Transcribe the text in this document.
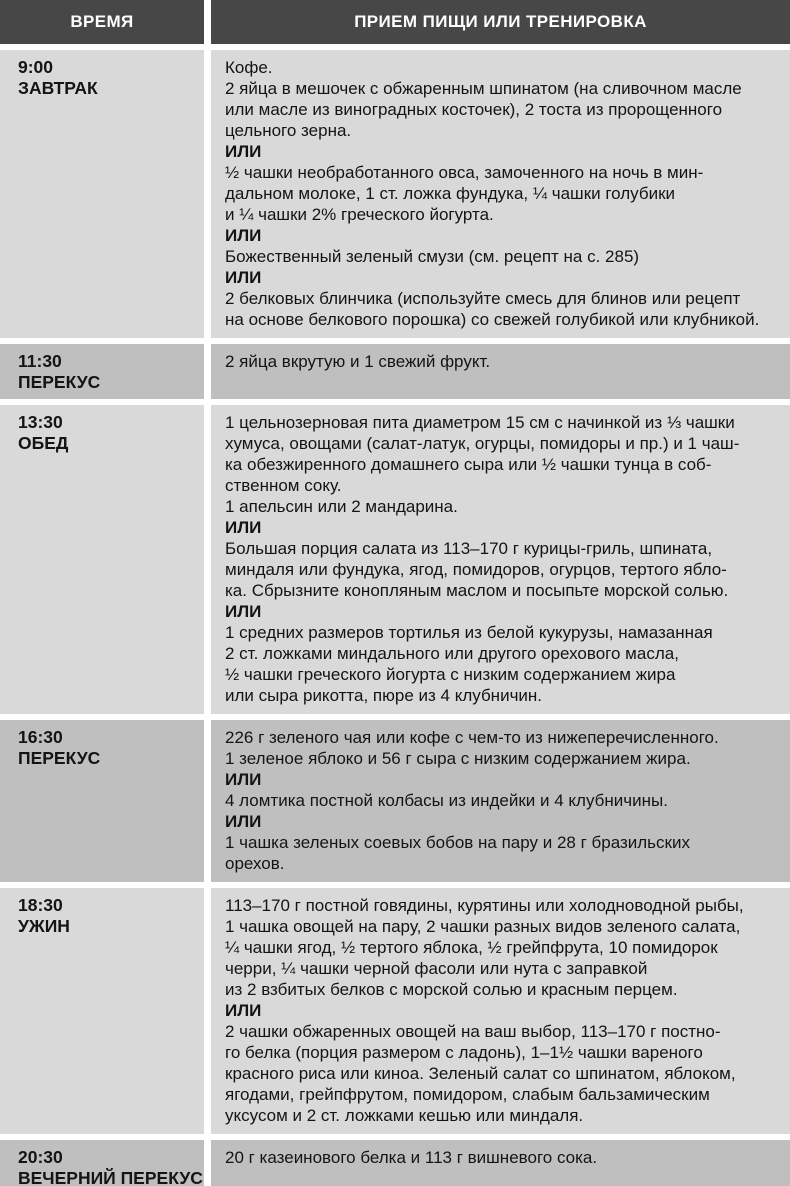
ВРЕМЯ	ПРИЕМ ПИЩИ ИЛИ ТРЕНИРОВКА
9:00
ЗАВТРАК
Кофе.
2 яйца в мешочек с обжаренным шпинатом (на сливочном масле
или масле из виноградных косточек), 2 тоста из пророщенного
цельного зерна.
ИЛИ
½ чашки необработанного овса, замоченного на ночь в мин-
дальном молоке, 1 ст. ложка фундука, ¼ чашки голубики
и ¼ чашки 2% греческого йогурта.
ИЛИ
Божественный зеленый смузи (см. рецепт на с. 285)
ИЛИ
2 белковых блинчика (используйте смесь для блинов или рецепт
на основе белкового порошка) со свежей голубикой или клубникой.
11:30
ПЕРЕКУС
2 яйца вкрутую и 1 свежий фрукт.
13:30
ОБЕД
1 цельнозерновая пита диаметром 15 см с начинкой из ⅓ чашки
хумуса, овощами (салат-латук, огурцы, помидоры и пр.) и 1 чаш-
ка обезжиренного домашнего сыра или ½ чашки тунца в соб-
ственном соку.
1 апельсин или 2 мандарина.
ИЛИ
Большая порция салата из 113–170 г курицы-гриль, шпината,
миндаля или фундука, ягод, помидоров, огурцов, тертого ябло-
ка. Сбрызните конопляным маслом и посыпьте морской солью.
ИЛИ
1 средних размеров тортилья из белой кукурузы, намазанная
2 ст. ложками миндального или другого орехового масла,
½ чашки греческого йогурта с низким содержанием жира
или сыра рикотта, пюре из 4 клубничин.
16:30
ПЕРЕКУС
226 г зеленого чая или кофе с чем-то из нижеперечисленного.
1 зеленое яблоко и 56 г сыра с низким содержанием жира.
ИЛИ
4 ломтика постной колбасы из индейки и 4 клубничины.
ИЛИ
1 чашка зеленых соевых бобов на пару и 28 г бразильских
орехов.
18:30
УЖИН
113–170 г постной говядины, курятины или холодноводной рыбы,
1 чашка овощей на пару, 2 чашки разных видов зеленого салата,
¼ чашки ягод, ½ тертого яблока, ½ грейпфрута, 10 помидорок
черри, ¼ чашки черной фасоли или нута с заправкой
из 2 взбитых белков с морской солью и красным перцем.
ИЛИ
2 чашки обжаренных овощей на ваш выбор, 113–170 г постно-
го белка (порция размером с ладонь), 1–1½ чашки вареного
красного риса или киноа. Зеленый салат со шпинатом, яблоком,
ягодами, грейпфрутом, помидором, слабым бальзамическим
уксусом и 2 ст. ложками кешью или миндаля.
20:30
ВЕЧЕРНИЙ ПЕРЕКУС
20 г казеинового белка и 113 г вишневого сока.
